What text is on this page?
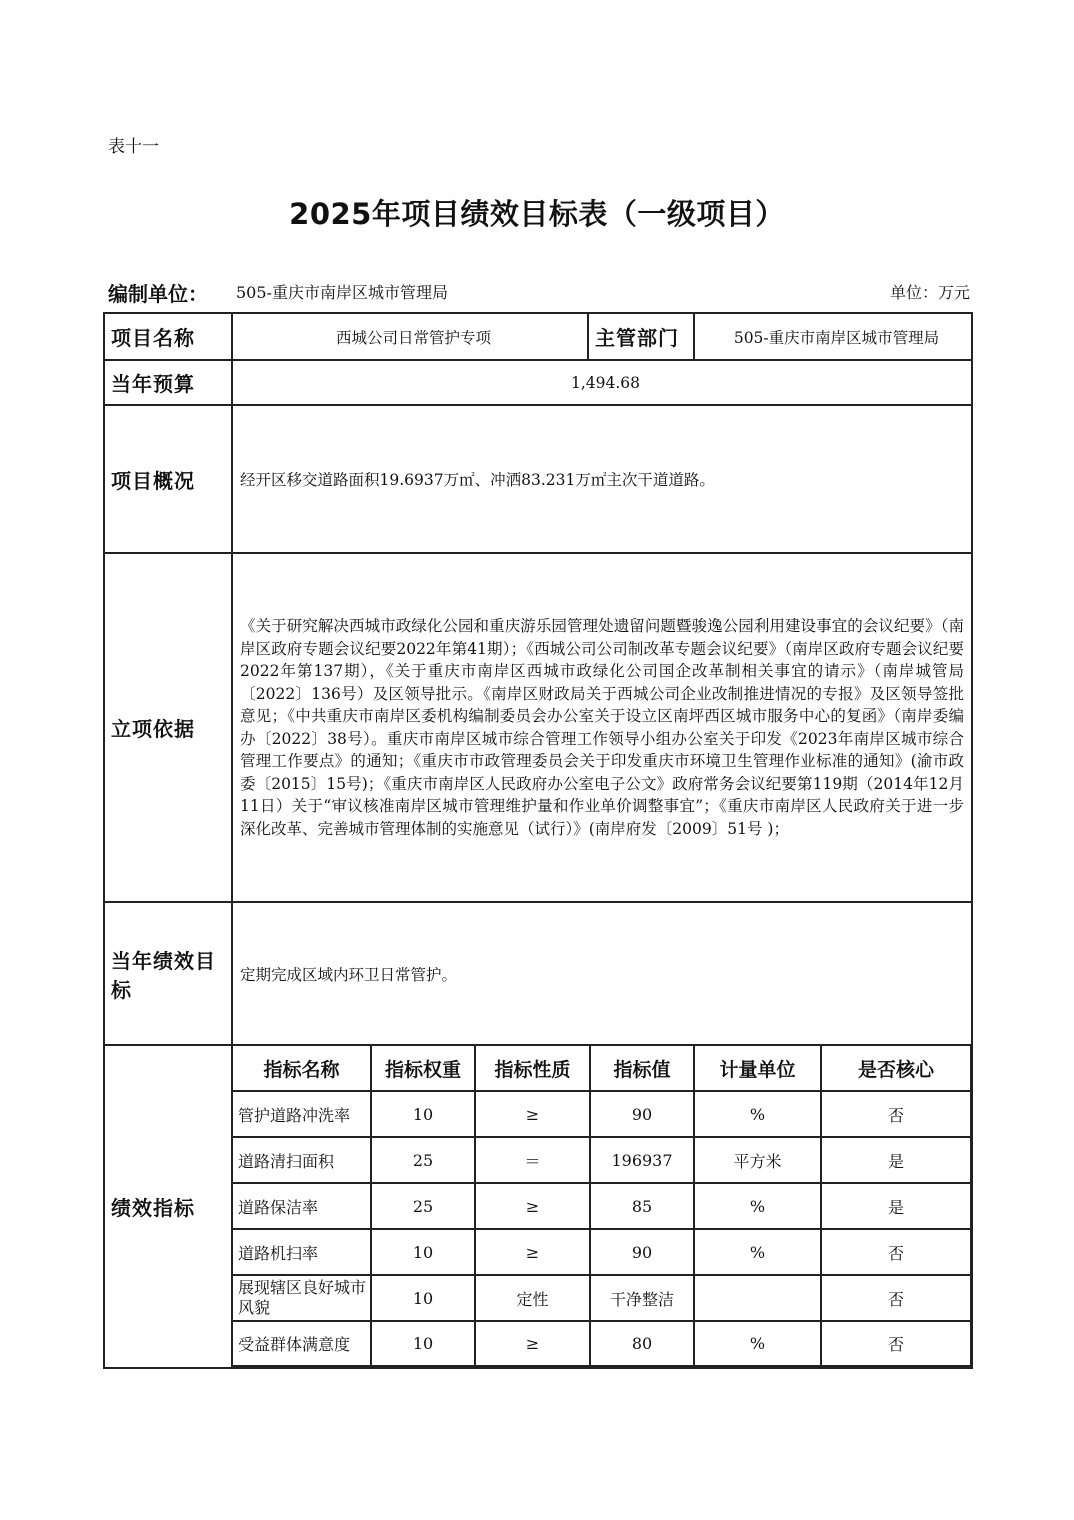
表十一
2025年项目绩效目标表（一级项目）
编制单位： 505-重庆市南岸区城市管理局	单位：万元
项目名称	西城公司日常管护专项	主管部门	505-重庆市南岸区城市管理局
当年预算	1,494.68
项目概况	经开区移交道路面积19.6937万㎡、冲洒83.231万㎡主次干道道路。
立项依据	《关于研究解决西城市政绿化公园和重庆游乐园管理处遗留问题暨骏逸公园利用建设事宜的会议纪要》（南岸区政府专题会议纪要2022年第41期）；《西城公司公司制改革专题会议纪要》（南岸区政府专题会议纪要2022年第137期），《关于重庆市南岸区西城市政绿化公司国企改革制相关事宜的请示》（南岸城管局〔2022〕136号）及区领导批示。《南岸区财政局关于西城公司企业改制推进情况的专报》及区领导签批意见；《中共重庆市南岸区委机构编制委员会办公室关于设立区南坪西区城市服务中心的复函》（南岸委编办〔2022〕38号）。重庆市南岸区城市综合管理工作领导小组办公室关于印发《2023年南岸区城市综合管理工作要点》的通知；《重庆市市政管理委员会关于印发重庆市环境卫生管理作业标准的通知》(渝市政委〔2015〕15号)；《重庆市南岸区人民政府办公室电子公文》政府常务会议纪要第119期（2014年12月11日）关于“审议核准南岸区城市管理维护量和作业单价调整事宜”；《重庆市南岸区人民政府关于进一步深化改革、完善城市管理体制的实施意见（试行）》(南岸府发〔2009〕51号 )；
当年绩效目标	定期完成区域内环卫日常管护。
绩效指标	
指标名称	指标权重	指标性质	指标值	计量单位	是否核心
管护道路冲洗率	10	≥	90	%	否
道路清扫面积	25	＝	196937	平方米	是
道路保洁率	25	≥	85	%	是
道路机扫率	10	≥	90	%	否
展现辖区良好城市风貌	10	定性	干净整洁		否
受益群体满意度	10	≥	80	%	否
